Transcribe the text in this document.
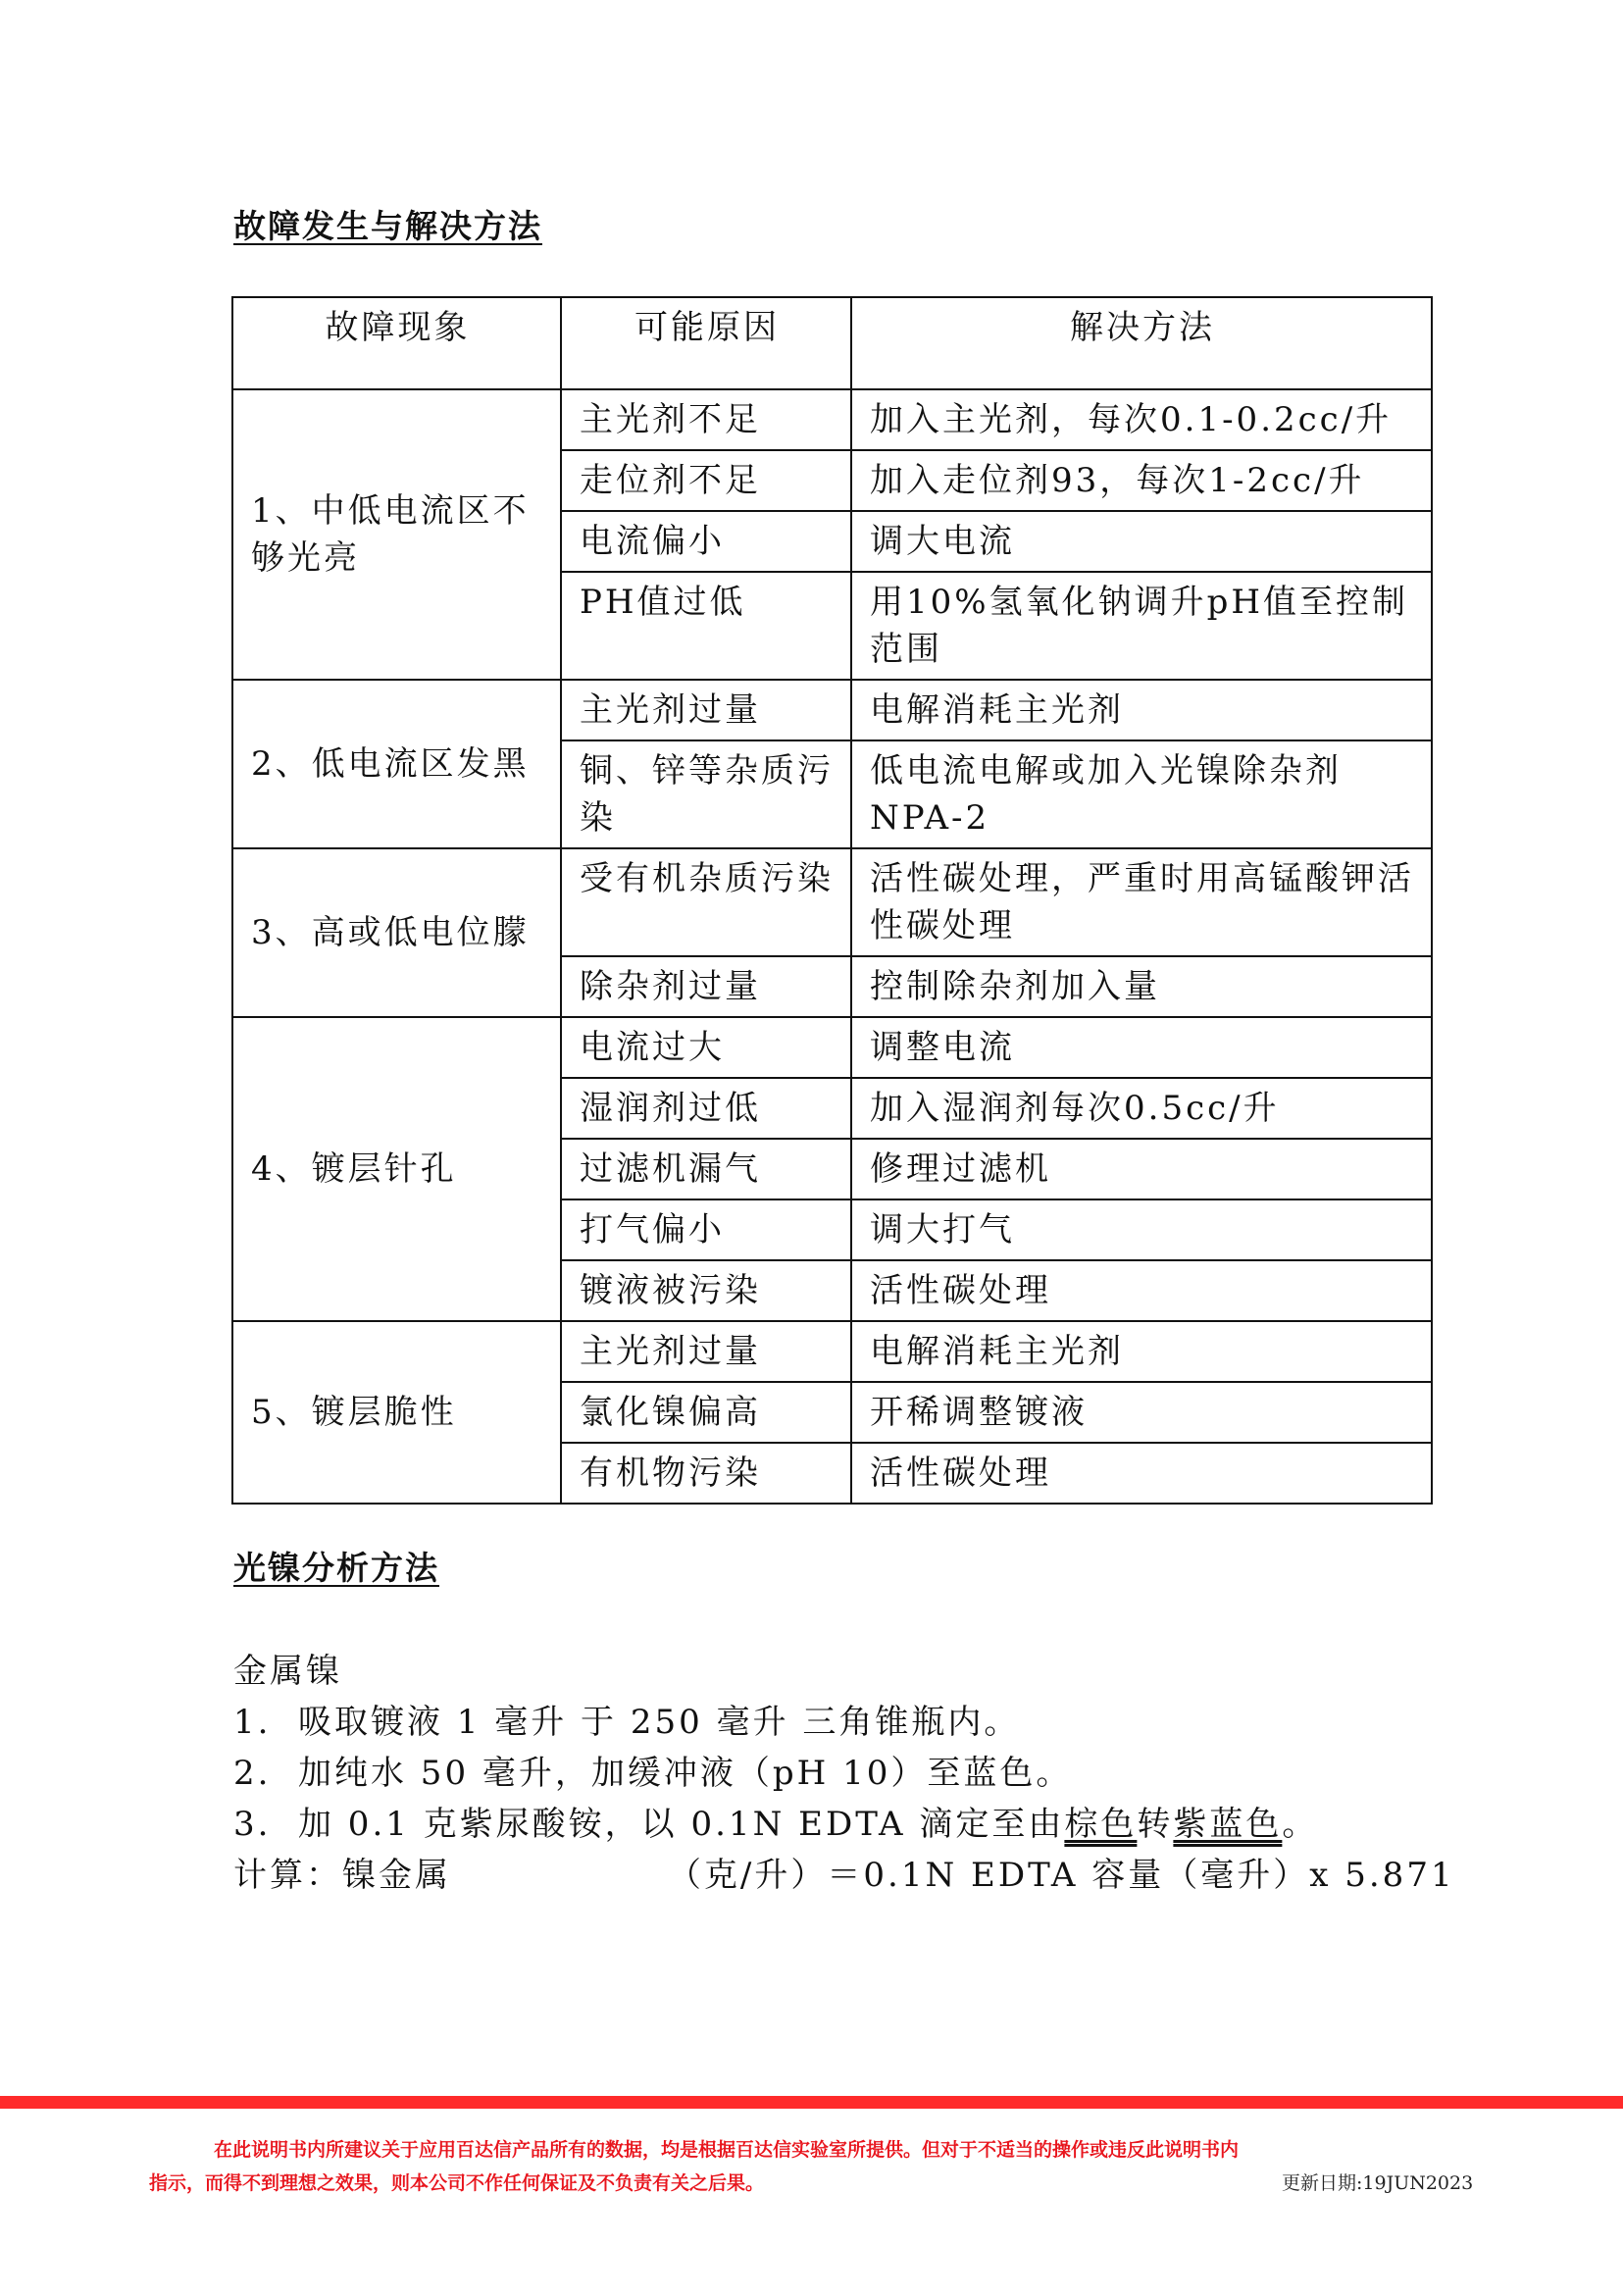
故障发生与解决方法
故障现象	可能原因	解决方法
1、中低电流区不够光亮	主光剂不足	加入主光剂，每次0.1-0.2cc/升
	走位剂不足	加入走位剂93，每次1-2cc/升
	电流偏小	调大电流
	PH值过低	用10%氢氧化钠调升pH值至控制范围
2、低电流区发黑	主光剂过量	电解消耗主光剂
	铜、锌等杂质污染	低电流电解或加入光镍除杂剂NPA-2
3、高或低电位朦	受有机杂质污染	活性碳处理，严重时用高锰酸钾活性碳处理
	除杂剂过量	控制除杂剂加入量
4、镀层针孔	电流过大	调整电流
	湿润剂过低	加入湿润剂每次0.5cc/升
	过滤机漏气	修理过滤机
	打气偏小	调大打气
	镀液被污染	活性碳处理
5、镀层脆性	主光剂过量	电解消耗主光剂
	氯化镍偏高	开稀调整镀液
	有机物污染	活性碳处理
光镍分析方法
金属镍
1. 吸取镀液 1 毫升 于 250 毫升 三角锥瓶内。
2. 加纯水 50 毫升，加缓冲液（pH 10）至蓝色。
3. 加 0.1 克紫尿酸铵，以 0.1N EDTA 滴定至由棕色转紫蓝色。
计算：镍金属	（克/升）＝0.1N EDTA 容量（毫升）x 5.871
在此说明书内所建议关于应用百达信产品所有的数据，均是根据百达信实验室所提供。但对于不适当的操作或违反此说明书内
指示，而得不到理想之效果，则本公司不作任何保证及不负责有关之后果。	更新日期:19JUN2023
